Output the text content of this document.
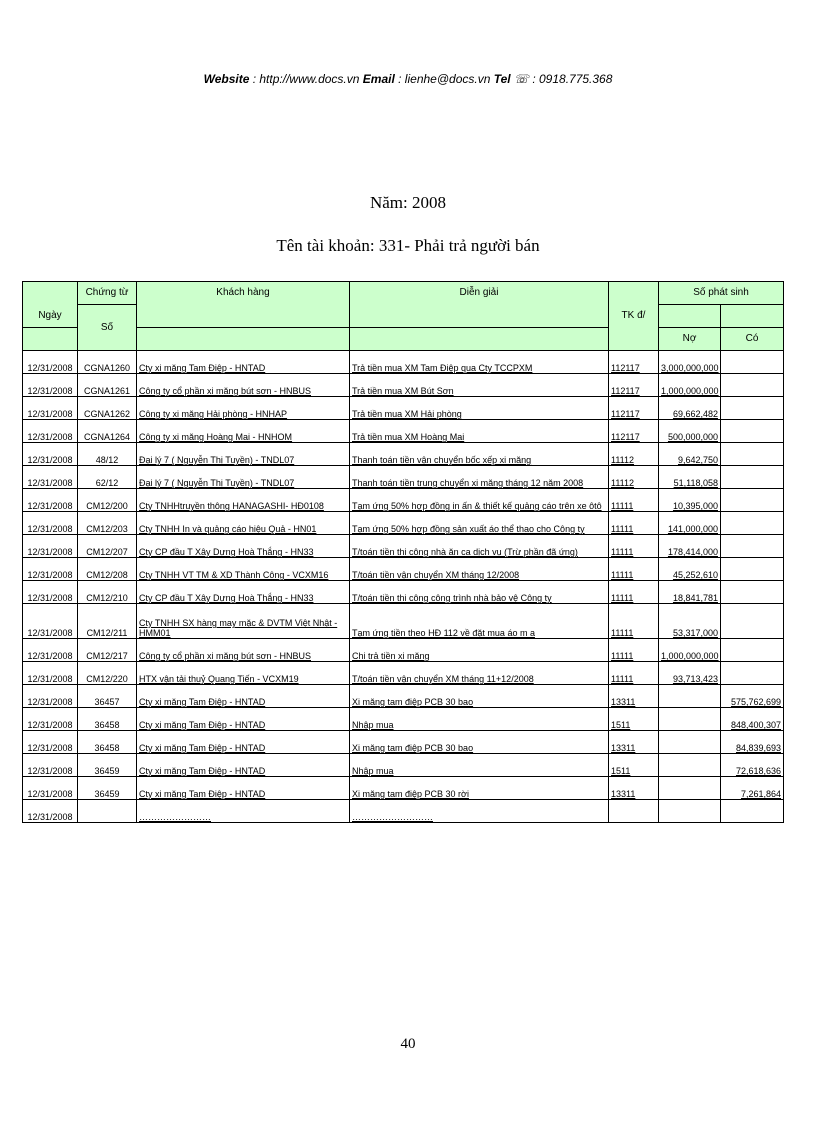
Website : http://www.docs.vn Email : lienhe@docs.vn Tel ☏ : 0918.775.368
Năm: 2008
Tên tài khoản: 331- Phải trả người bán
Ngày	Chứng từ	Khách hàng	Diễn giải	TK đ/	Số phát sinh	
	Số					
					Nợ	Có
12/31/2008	CGNA1260	Cty xi măng Tam Điệp - HNTAD	Trả tiền mua XM Tam Điệp qua Cty TCCPXM	112117	3,000,000,000	
12/31/2008	CGNA1261	Công ty cổ phần xi măng bút sơn - HNBUS	Trả tiền mua XM Bút Sơn	112117	1,000,000,000	
12/31/2008	CGNA1262	Công ty xi măng Hải phòng - HNHAP	Trả tiền mua XM Hải phòng	112117	69,662,482	
12/31/2008	CGNA1264	Công ty xi măng Hoàng Mai - HNHOM	Trả tiền mua XM Hoàng Mai	112117	500,000,000	
12/31/2008	48/12	Đại lý 7 ( Nguyễn Thị Tuyền) - TNDL07	Thanh toán tiền vận chuyển bốc xếp xi măng	11112	9,642,750	
12/31/2008	62/12	Đại lý 7 ( Nguyễn Thị Tuyền) - TNDL07	Thanh toán tiền trung chuyển xi măng tháng 12 năm 2008	11112	51,118,058	
12/31/2008	CM12/200	Cty TNHHtruyền thông HANAGASHI- HĐ0108	Tạm ứng 50% hợp đồng in ấn & thiết kế quảng cáo trên xe ôtô	11111	10,395,000	
12/31/2008	CM12/203	Cty TNHH In và quảng cáo hiệu Quả - HN01	Tạm ứng 50% hợp đồng sản xuất áo thể thao cho Công ty	11111	141,000,000	
12/31/2008	CM12/207	Cty CP đầu T Xây Dựng Hoà Thắng - HN33	T/toán tiền thi công nhà ăn ca dịch vụ (Trừ phần đã ứng)	11111	178,414,000	
12/31/2008	CM12/208	Cty TNHH VT TM & XD Thành Công - VCXM16	T/toán tiền vận chuyển XM tháng 12/2008	11111	45,252,610	
12/31/2008	CM12/210	Cty CP đầu T Xây Dựng Hoà Thắng - HN33	T/toán tiền thi công công trình nhà bảo vệ Công ty	11111	18,841,781	
12/31/2008	CM12/211	Cty TNHH SX hàng may mặc & DVTM Việt Nhật - HMM01	Tạm ứng tiền theo HĐ 112 về đặt mua áo m a	11111	53,317,000	
12/31/2008	CM12/217	Công ty cổ phần xi măng bút sơn - HNBUS	Chi trả tiền xi măng	11111	1,000,000,000	
12/31/2008	CM12/220	HTX vận tải thuỷ Quang Tiến - VCXM19	T/toán tiền vận chuyển XM tháng 11+12/2008	11111	93,713,423	
12/31/2008	36457	Cty xi măng Tam Điệp - HNTAD	Xi măng tam điệp PCB 30 bao	13311		575,762,699
12/31/2008	36458	Cty xi măng Tam Điệp - HNTAD	Nhập mua	1511		848,400,307
12/31/2008	36458	Cty xi măng Tam Điệp - HNTAD	Xi măng tam điệp PCB 30 bao	13311		84,839,693
12/31/2008	36459	Cty xi măng Tam Điệp - HNTAD	Nhập mua	1511		72,618,636
12/31/2008	36459	Cty xi măng Tam Điệp - HNTAD	Xi măng tam điệp PCB 30 rời	13311		7,261,864
12/31/2008		……………………	………………………			
40
